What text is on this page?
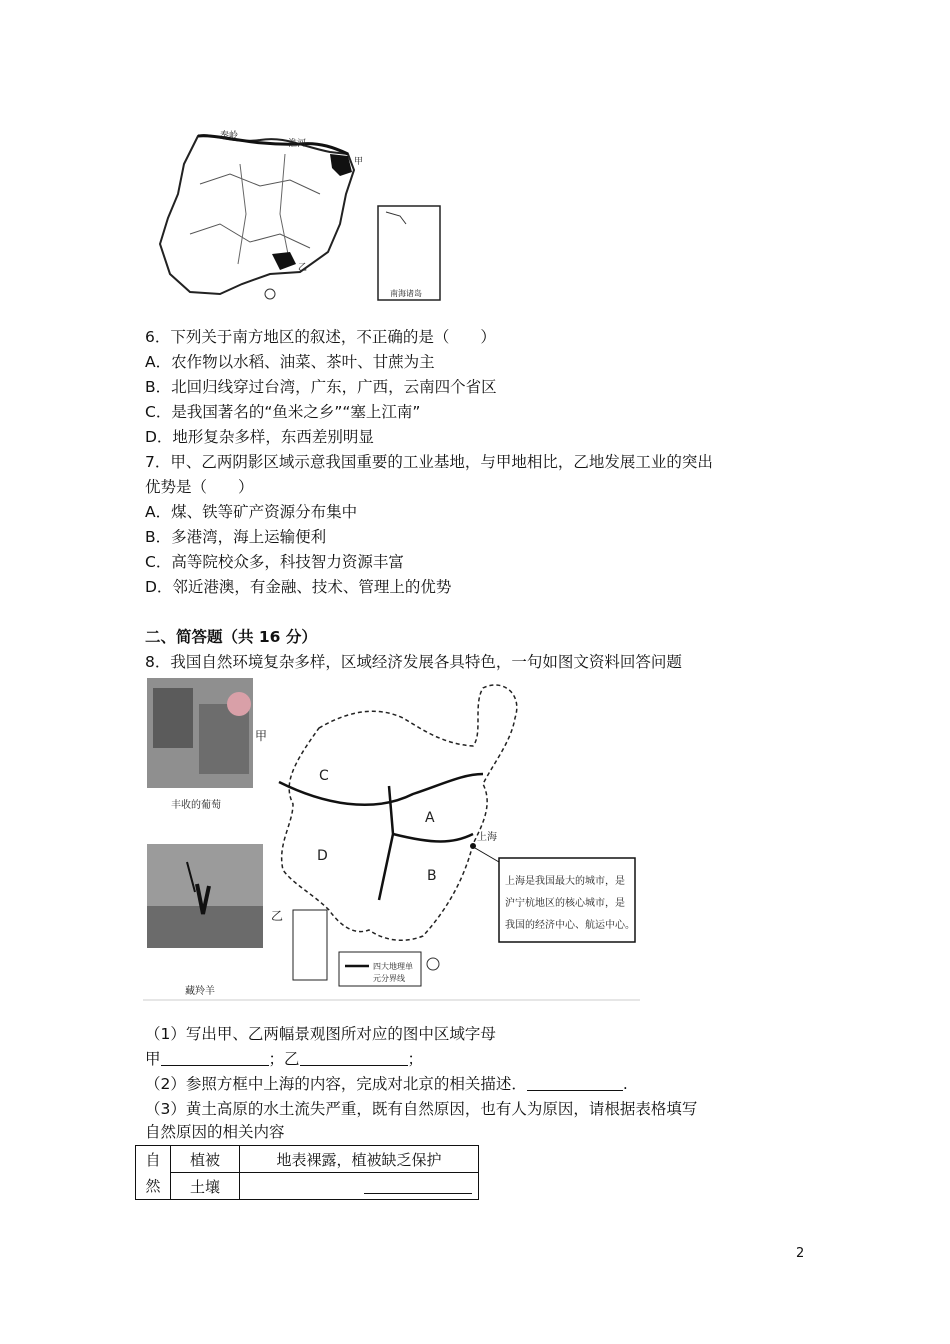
秦岭
淮河
甲
乙
南海诸岛
6．下列关于南方地区的叙述，不正确的是（　　）
A．农作物以水稻、油菜、茶叶、甘蔗为主
B．北回归线穿过台湾，广东，广西，云南四个省区
C．是我国著名的“鱼米之乡”“塞上江南”
D．地形复杂多样，东西差别明显
7．甲、乙两阴影区域示意我国重要的工业基地，与甲地相比，乙地发展工业的突出
优势是（　　）
A．煤、铁等矿产资源分布集中
B．多港湾，海上运输便利
C．高等院校众多，科技智力资源丰富
D．邻近港澳，有金融、技术、管理上的优势
二、简答题（共 16 分）
8．我国自然环境复杂多样，区域经济发展各具特色，一句如图文资料回答问题
甲
丰收的葡萄
乙
藏羚羊
C
D
A
B
上海
上海是我国最大的城市，是
沪宁杭地区的核心城市，是
我国的经济中心、航运中心。
四大地理单
元分界线
（1）写出甲、乙两幅景观图所对应的图中区域字母
甲	；乙	；
（2）参照方框中上海的内容，完成对北京的相关描述．	.
（3）黄土高原的水土流失严重，既有自然原因，也有人为原因，请根据表格填写
自然原因的相关内容
自
然	植被	地表裸露，植被缺乏保护
	土壤	
2
